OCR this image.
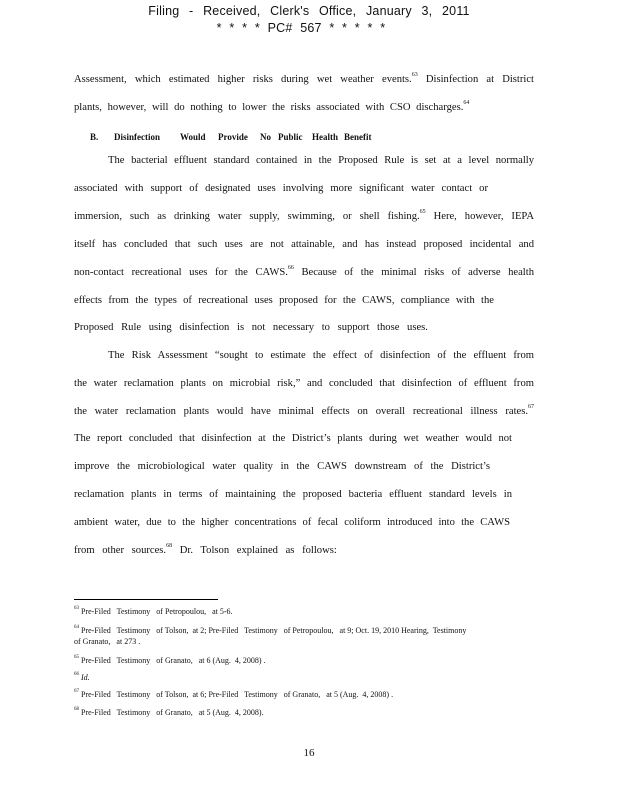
Filing - Received, Clerk's Office, January 3, 2011
* * * * PC# 567 * * * * *
Assessment, which estimated higher risks during wet weather events.$^{63}$ Disinfection at District
plants, however, will do nothing to lower the risks associated with CSO discharges.$^{64}$
B. Disinfection Would Provide No Public Health Benefit
The bacterial effluent standard contained in the Proposed Rule is set at a level normally
associated with support of designated uses involving more significant water contact or
immersion, such as drinking water supply, swimming, or shell fishing.$^{65}$ Here, however, IEPA
itself has concluded that such uses are not attainable, and has instead proposed incidental and
non-contact recreational uses for the CAWS.$^{66}$ Because of the minimal risks of adverse health
effects from the types of recreational uses proposed for the CAWS, compliance with the
Proposed Rule using disinfection is not necessary to support those uses.
The Risk Assessment “sought to estimate the effect of disinfection of the effluent from
the water reclamation plants on microbial risk,” and concluded that disinfection of effluent from
the water reclamation plants would have minimal effects on overall recreational illness rates.$^{67}$
The report concluded that disinfection at the District’s plants during wet weather would not
improve the microbiological water quality in the CAWS downstream of the District’s
reclamation plants in terms of maintaining the proposed bacteria effluent standard levels in
ambient water, due to the higher concentrations of fecal coliform introduced into the CAWS
from other sources.$^{68}$ Dr. Tolson explained as follows:
$^{63}$ Pre-Filed   Testimony   of Petropoulou,   at 5-6.
$^{64}$ Pre-Filed   Testimony   of Tolson,  at 2; Pre-Filed   Testimony   of Petropoulou,   at 9; Oct. 19, 2010 Hearing,  Testimony
of Granato,   at 273 .
$^{65}$ Pre-Filed   Testimony   of Granato,   at 6 (Aug.  4, 2008) .
$^{66}$ Id.
$^{67}$ Pre-Filed   Testimony   of Tolson,  at 6; Pre-Filed   Testimony   of Granato,   at 5 (Aug.  4, 2008) .
$^{68}$ Pre-Filed   Testimony   of Granato,   at 5 (Aug.  4, 2008).
16
